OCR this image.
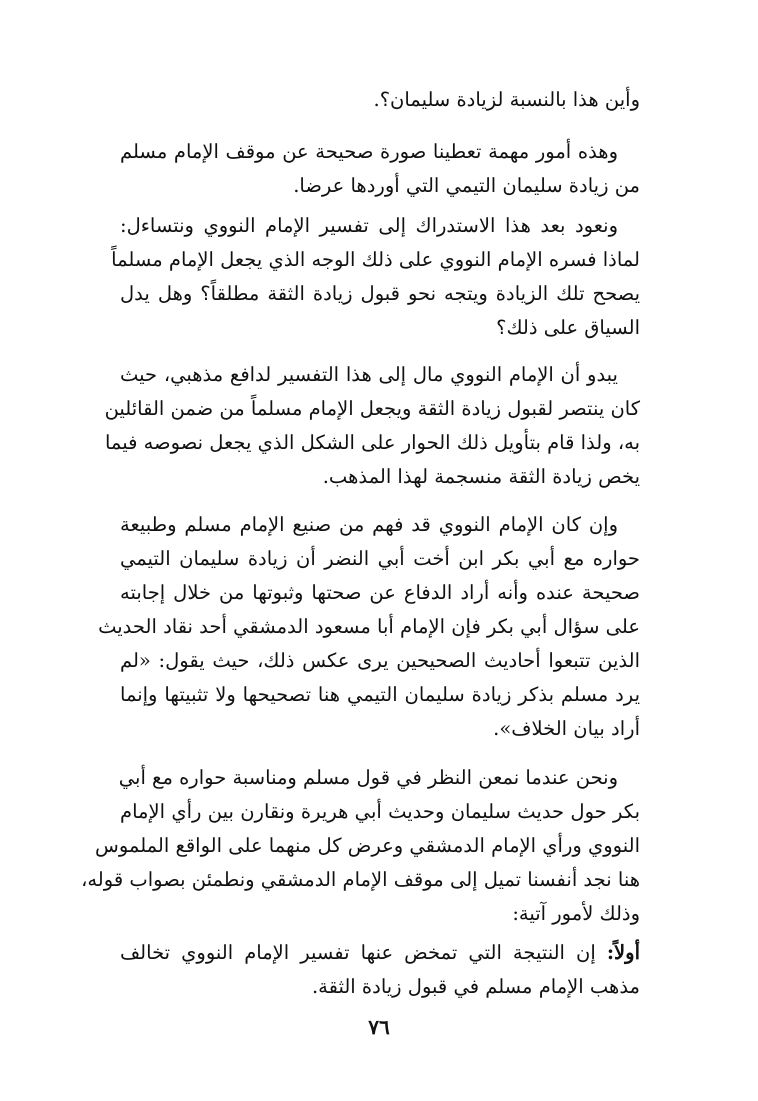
وأين هذا بالنسبة لزيادة سليمان؟.
وهذه أمور مهمة تعطينا صورة صحيحة عن موقف الإمام مسلم
من زيادة سليمان التيمي التي أوردها عرضا.
ونعود بعد هذا الاستدراك إلى تفسير الإمام النووي ونتساءل:
لماذا فسره الإمام النووي على ذلك الوجه الذي يجعل الإمام مسلماً
يصحح تلك الزيادة ويتجه نحو قبول زيادة الثقة مطلقاً؟ وهل يدل
السياق على ذلك؟
يبدو أن الإمام النووي مال إلى هذا التفسير لدافع مذهبي، حيث
كان ينتصر لقبول زيادة الثقة ويجعل الإمام مسلماً من ضمن القائلين
به، ولذا قام بتأويل ذلك الحوار على الشكل الذي يجعل نصوصه فيما
يخص زيادة الثقة منسجمة لهذا المذهب.
وإن كان الإمام النووي قد فهم من صنيع الإمام مسلم وطبيعة
حواره مع أبي بكر ابن أخت أبي النضر أن زيادة سليمان التيمي
صحيحة عنده وأنه أراد الدفاع عن صحتها وثبوتها من خلال إجابته
على سؤال أبي بكر فإن الإمام أبا مسعود الدمشقي أحد نقاد الحديث
الذين تتبعوا أحاديث الصحيحين يرى عكس ذلك، حيث يقول: «لم
يرد مسلم بذكر زيادة سليمان التيمي هنا تصحيحها ولا تثبيتها وإنما
أراد بيان الخلاف».
ونحن عندما نمعن النظر في قول مسلم ومناسبة حواره مع أبي
بكر حول حديث سليمان وحديث أبي هريرة ونقارن بين رأي الإمام
النووي ورأي الإمام الدمشقي وعرض كل منهما على الواقع الملموس
هنا نجد أنفسنا تميل إلى موقف الإمام الدمشقي ونطمئن بصواب قوله،
وذلك لأمور آتية:
أولاً: إن النتيجة التي تمخض عنها تفسير الإمام النووي تخالف
مذهب الإمام مسلم في قبول زيادة الثقة.
٧٦
